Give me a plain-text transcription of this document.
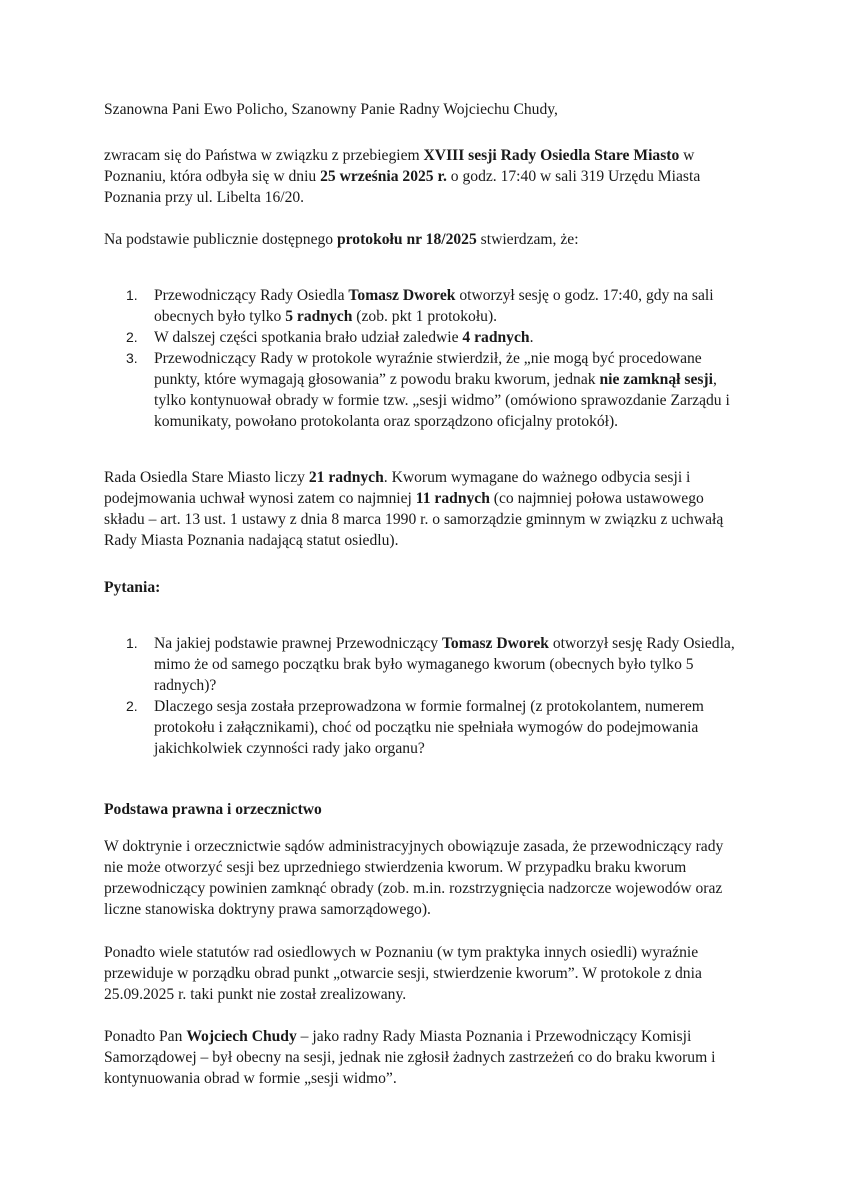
Szanowna Pani Ewo Policho, Szanowny Panie Radny Wojciechu Chudy,

zwracam się do Państwa w związku z przebiegiem XVIII sesji Rady Osiedla Stare Miasto w Poznaniu, która odbyła się w dniu 25 września 2025 r. o godz. 17:40 w sali 319 Urzędu Miasta Poznania przy ul. Libelta 16/20.

Na podstawie publicznie dostępnego protokołu nr 18/2025 stwierdzam, że:

1. Przewodniczący Rady Osiedla Tomasz Dworek otworzył sesję o godz. 17:40, gdy na sali obecnych było tylko 5 radnych (zob. pkt 1 protokołu).
2. W dalszej części spotkania brało udział zaledwie 4 radnych.
3. Przewodniczący Rady w protokole wyraźnie stwierdził, że „nie mogą być procedowane punkty, które wymagają głosowania” z powodu braku kworum, jednak nie zamknął sesji, tylko kontynuował obrady w formie tzw. „sesji widmo” (omówiono sprawozdanie Zarządu i komunikaty, powołano protokolanta oraz sporządzono oficjalny protokół).

Rada Osiedla Stare Miasto liczy 21 radnych. Kworum wymagane do ważnego odbycia sesji i podejmowania uchwał wynosi zatem co najmniej 11 radnych (co najmniej połowa ustawowego składu – art. 13 ust. 1 ustawy z dnia 8 marca 1990 r. o samorządzie gminnym w związku z uchwałą Rady Miasta Poznania nadającą statut osiedlu).

Pytania:

1. Na jakiej podstawie prawnej Przewodniczący Tomasz Dworek otworzył sesję Rady Osiedla, mimo że od samego początku brak było wymaganego kworum (obecnych było tylko 5 radnych)?
2. Dlaczego sesja została przeprowadzona w formie formalnej (z protokolantem, numerem protokołu i załącznikami), choć od początku nie spełniała wymogów do podejmowania jakichkolwiek czynności rady jako organu?

Podstawa prawna i orzecznictwo

W doktrynie i orzecznictwie sądów administracyjnych obowiązuje zasada, że przewodniczący rady nie może otworzyć sesji bez uprzedniego stwierdzenia kworum. W przypadku braku kworum przewodniczący powinien zamknąć obrady (zob. m.in. rozstrzygnięcia nadzorcze wojewodów oraz liczne stanowiska doktryny prawa samorządowego).

Ponadto wiele statutów rad osiedlowych w Poznaniu (w tym praktyka innych osiedli) wyraźnie przewiduje w porządku obrad punkt „otwarcie sesji, stwierdzenie kworum”. W protokole z dnia 25.09.2025 r. taki punkt nie został zrealizowany.

Ponadto Pan Wojciech Chudy – jako radny Rady Miasta Poznania i Przewodniczący Komisji Samorządowej – był obecny na sesji, jednak nie zgłosił żadnych zastrzeżeń co do braku kworum i kontynuowania obrad w formie „sesji widmo”.
